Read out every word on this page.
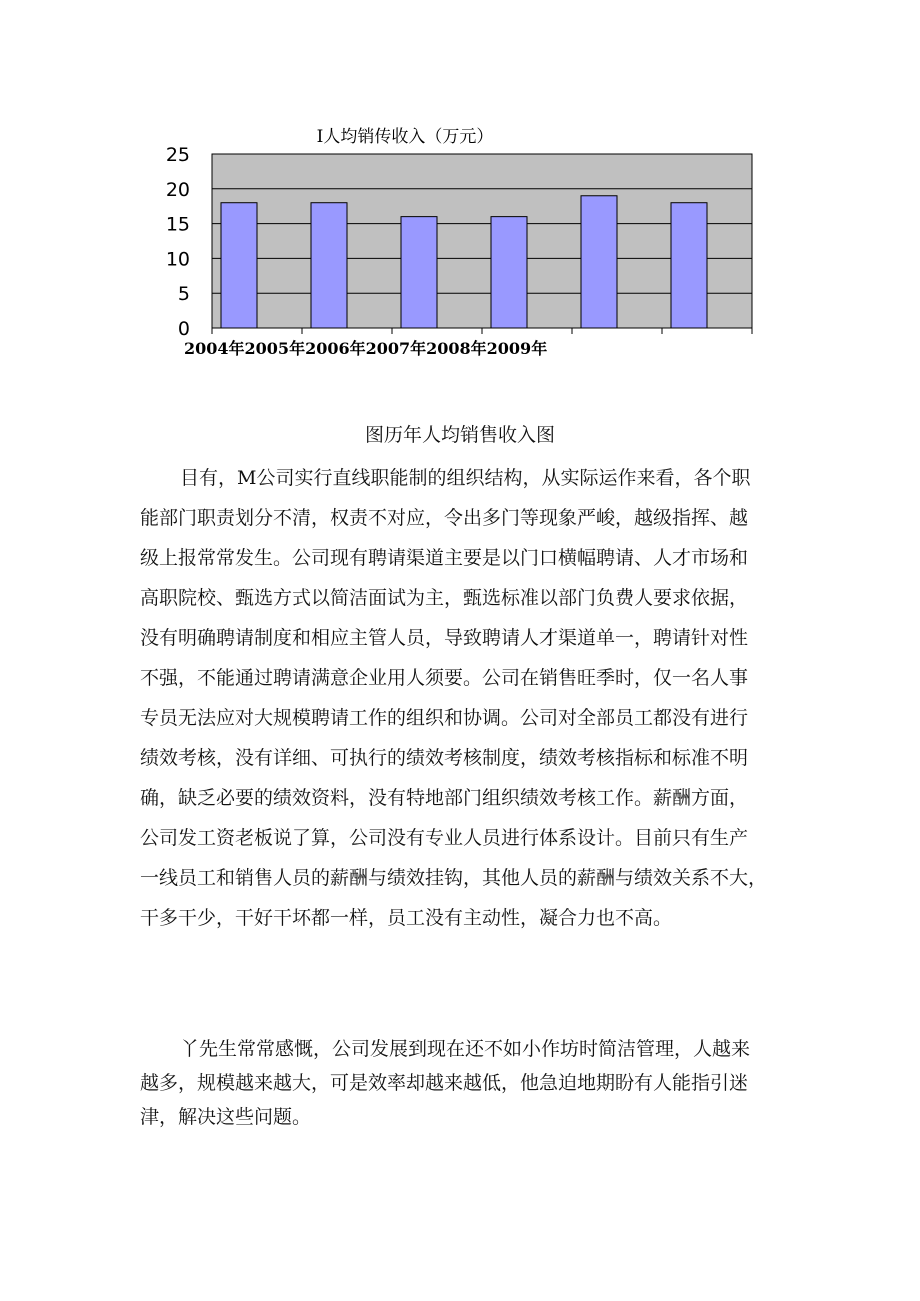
I人均销传收入（万元）
0
5
10
15
20
25
2004年2005年2006年2007年2008年2009年
图历年人均销售收入图

目有，M公司实行直线职能制的组织结构，从实际运作来看，各个职
能部门职责划分不清，权责不对应，令出多门等现象严峻，越级指挥、越
级上报常常发生。公司现有聘请渠道主要是以门口横幅聘请、人才市场和
高职院校、甄选方式以简洁面试为主，甄选标准以部门负费人要求依据，
没有明确聘请制度和相应主管人员，导致聘请人才渠道单一，聘请针对性
不强，不能通过聘请满意企业用人须要。公司在销售旺季时，仅一名人事
专员无法应对大规模聘请工作的组织和协调。公司对全部员工都没有进行
绩效考核，没有详细、可执行的绩效考核制度，绩效考核指标和标准不明
确，缺乏必要的绩效资料，没有特地部门组织绩效考核工作。薪酬方面，
公司发工资老板说了算，公司没有专业人员进行体系设计。目前只有生产
一线员工和销售人员的薪酬与绩效挂钩，其他人员的薪酬与绩效关系不大，
干多干少，干好干坏都一样，员工没有主动性，凝合力也不高。

丫先生常常感慨，公司发展到现在还不如小作坊时简洁管理，人越来
越多，规模越来越大，可是效率却越来越低，他急迫地期盼有人能指引迷
津，解决这些问题。
